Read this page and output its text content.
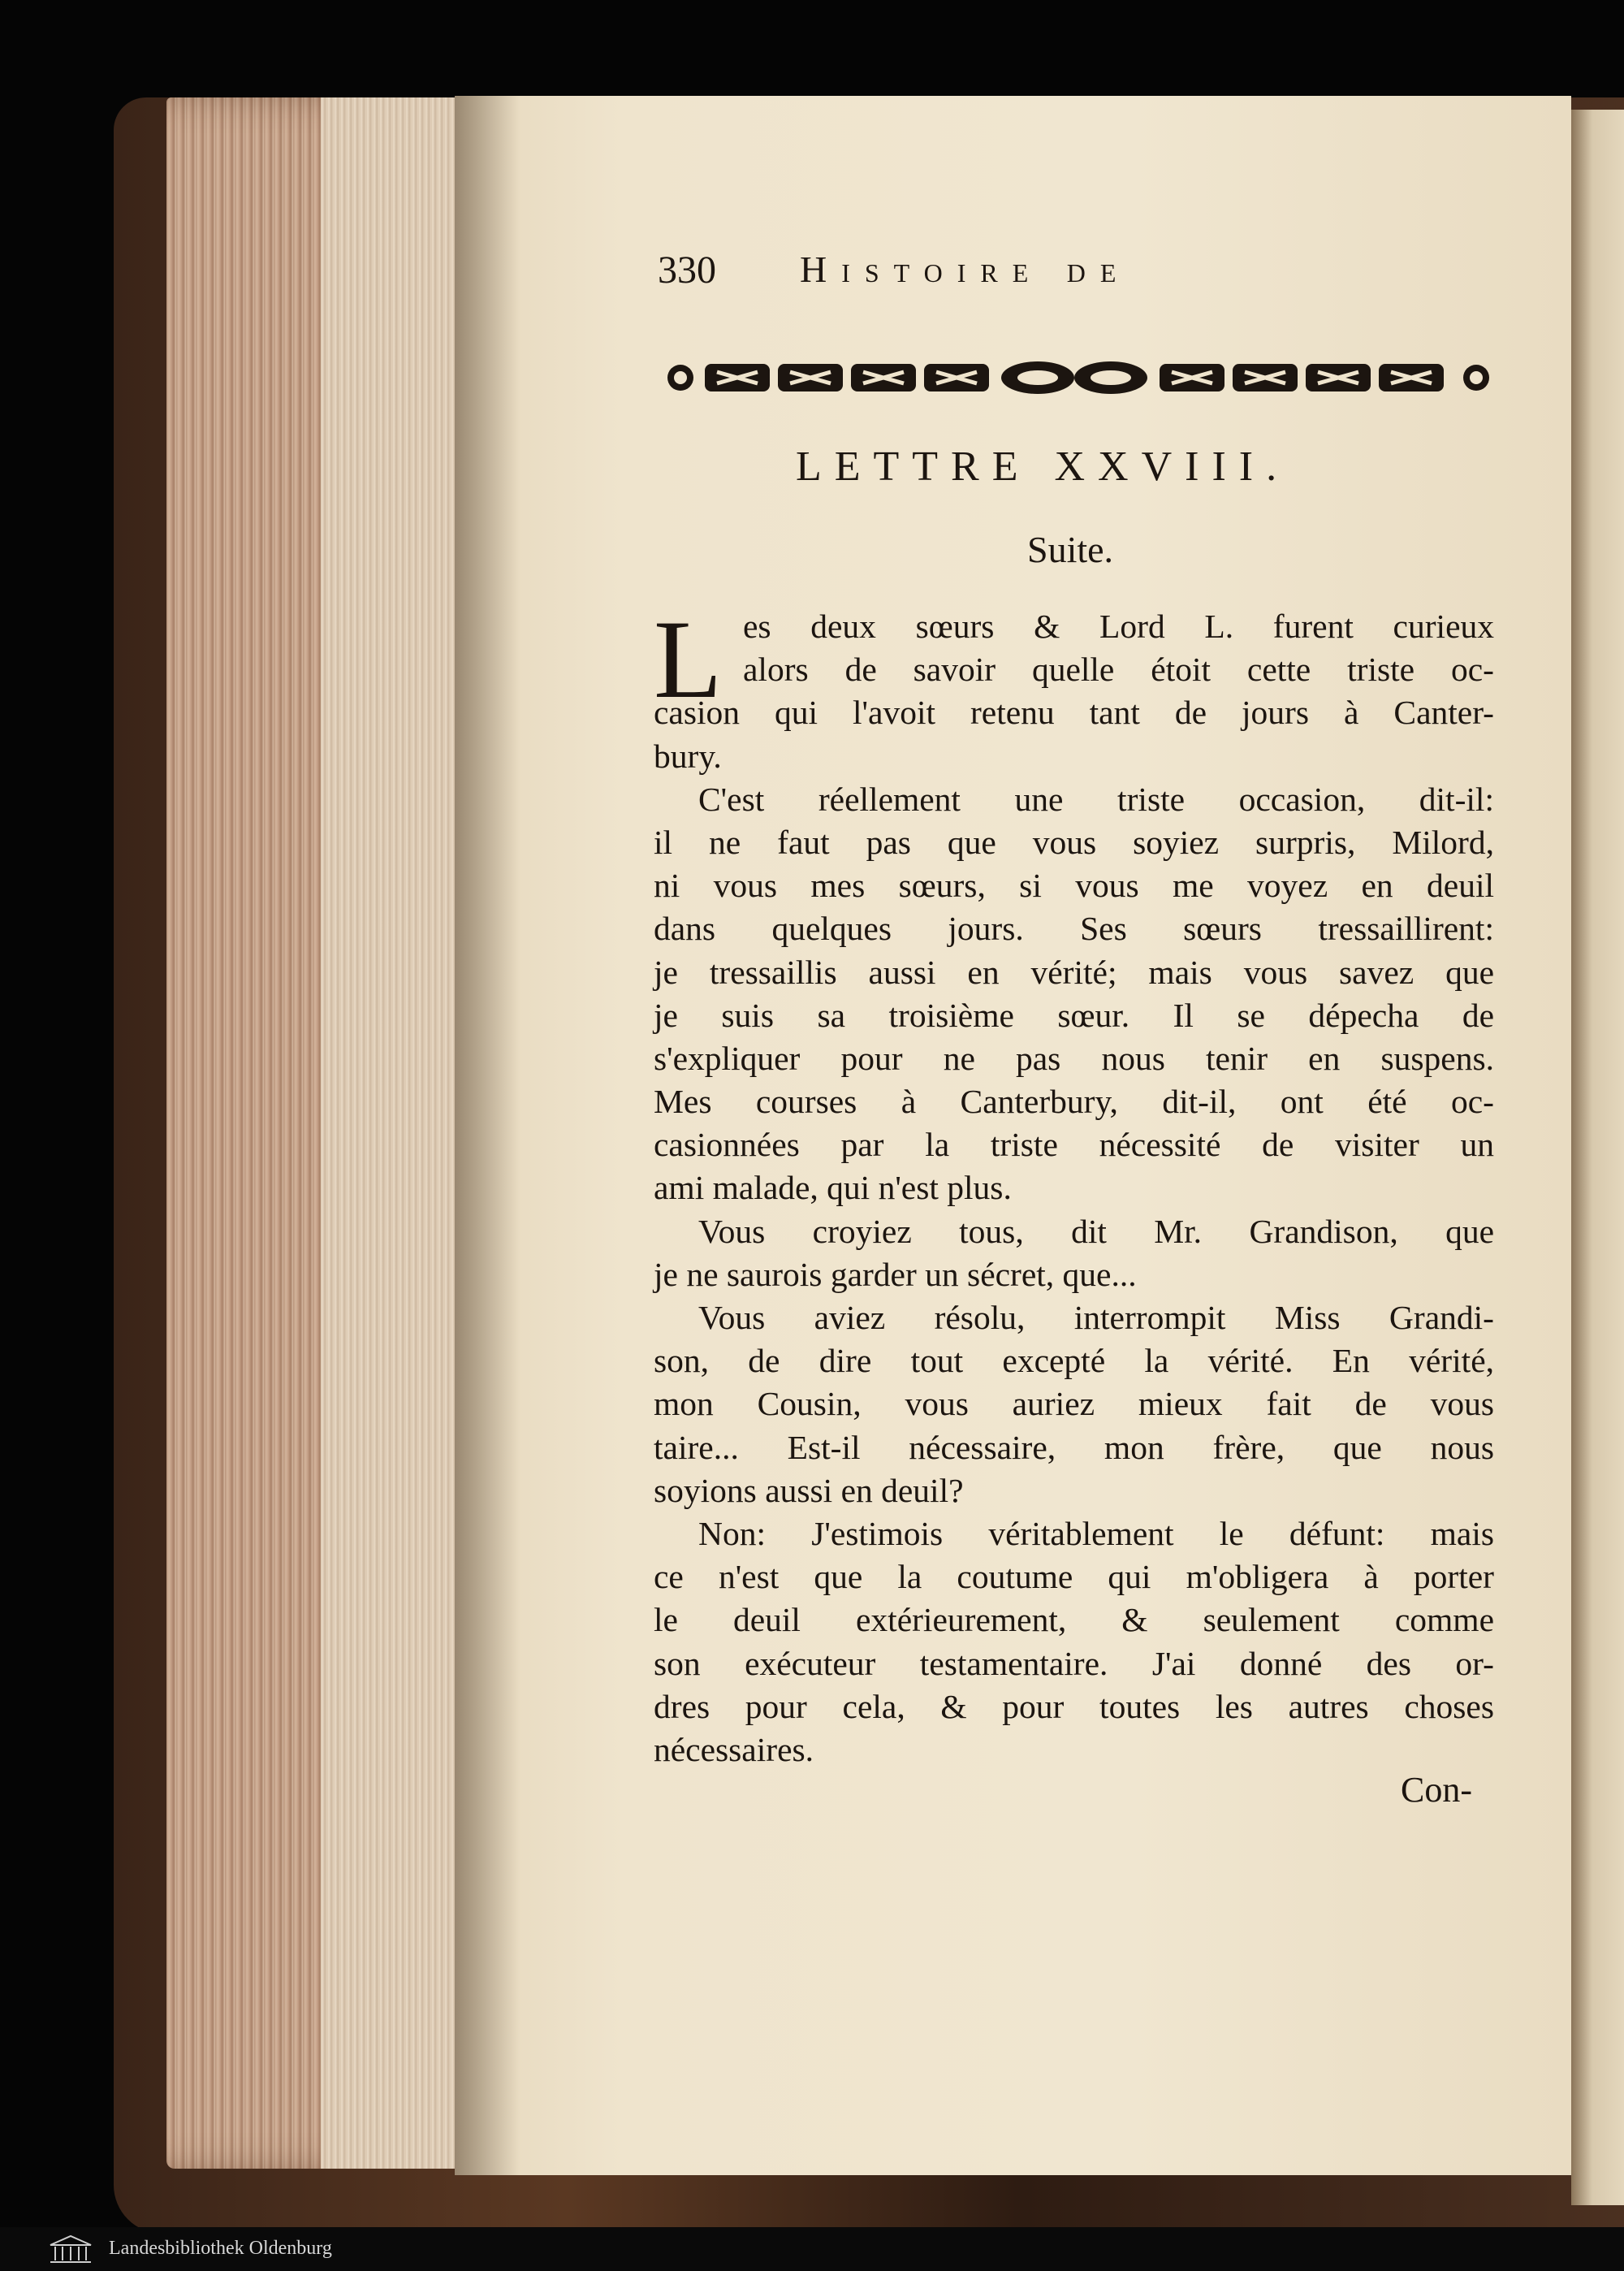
330 Histoire de
LETTRE XXVIII.
Suite.
L es deux sœurs & Lord L. furent curieux
alors de savoir quelle étoit cette triste oc-
casion qui l'avoit retenu tant de jours à Canter-
bury.
C'est réellement une triste occasion, dit-il:
il ne faut pas que vous soyiez surpris, Milord,
ni vous mes sœurs, si vous me voyez en deuil
dans quelques jours. Ses sœurs tressaillirent:
je tressaillis aussi en vérité; mais vous savez que
je suis sa troisième sœur. Il se dépecha de
s'expliquer pour ne pas nous tenir en suspens.
Mes courses à Canterbury, dit-il, ont été oc-
casionnées par la triste nécessité de visiter un
ami malade, qui n'est plus.
Vous croyiez tous, dit Mr. Grandison, que
je ne saurois garder un sécret, que...
Vous aviez résolu, interrompit Miss Grandi-
son, de dire tout excepté la vérité. En vérité,
mon Cousin, vous auriez mieux fait de vous
taire... Est-il nécessaire, mon frère, que nous
soyions aussi en deuil?
Non: J'estimois véritablement le défunt: mais
ce n'est que la coutume qui m'obligera à porter
le deuil extérieurement, & seulement comme
son exécuteur testamentaire. J'ai donné des or-
dres pour cela, & pour toutes les autres choses
nécessaires.
Con-
Landesbibliothek Oldenburg
